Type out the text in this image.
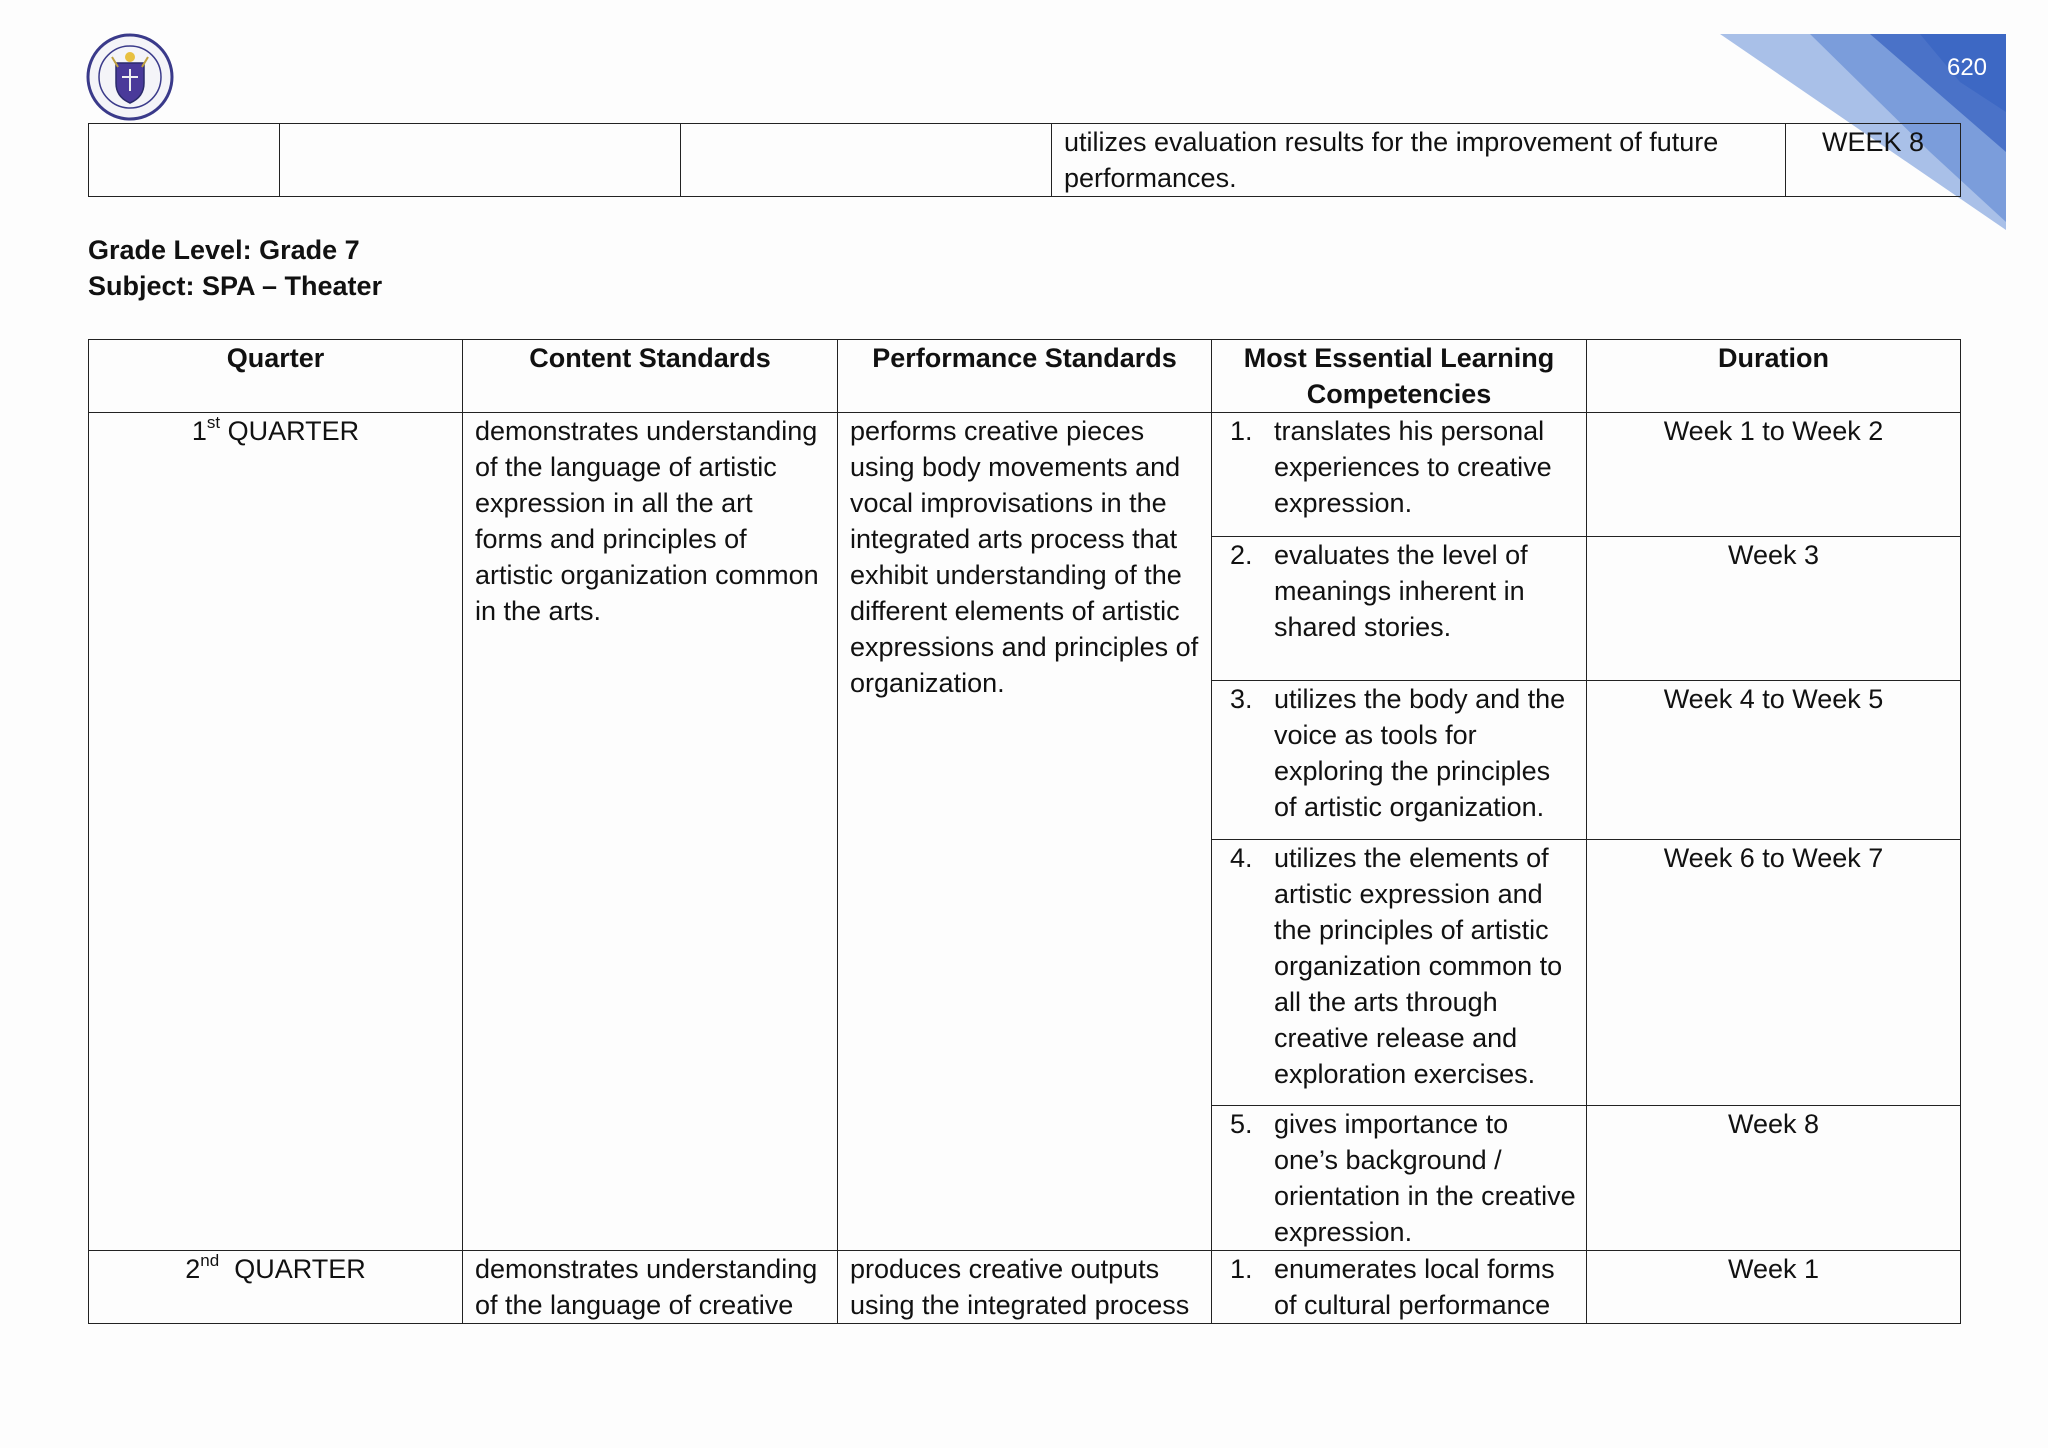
620
			utilizes evaluation results for the improvement of future performances.	WEEK 8
Grade Level: Grade 7
Subject: SPA – Theater
Quarter	Content Standards	Performance Standards	Most Essential Learning Competencies	Duration
1st QUARTER	demonstrates understanding of the language of artistic expression in all the art forms and principles of artistic organization common in the arts.	performs creative pieces using body movements and vocal improvisations in the integrated arts process that exhibit understanding of the different elements of artistic expressions and principles of organization.	1. translates his personal experiences to creative expression.	Week 1 to Week 2

			2. evaluates the level of meanings inherent in shared stories.	Week 3

			3. utilizes the body and the voice as tools for exploring the principles of artistic organization.	Week 4 to Week 5

			4. utilizes the elements of artistic expression and the principles of artistic organization common to all the arts through creative release and exploration exercises.	Week 6 to Week 7

			5. gives importance to one’s background / orientation in the creative expression.	Week 8
2nd  QUARTER	demonstrates understanding of the language of creative	produces creative outputs using the integrated process	1. enumerates local forms of cultural performance	Week 1
